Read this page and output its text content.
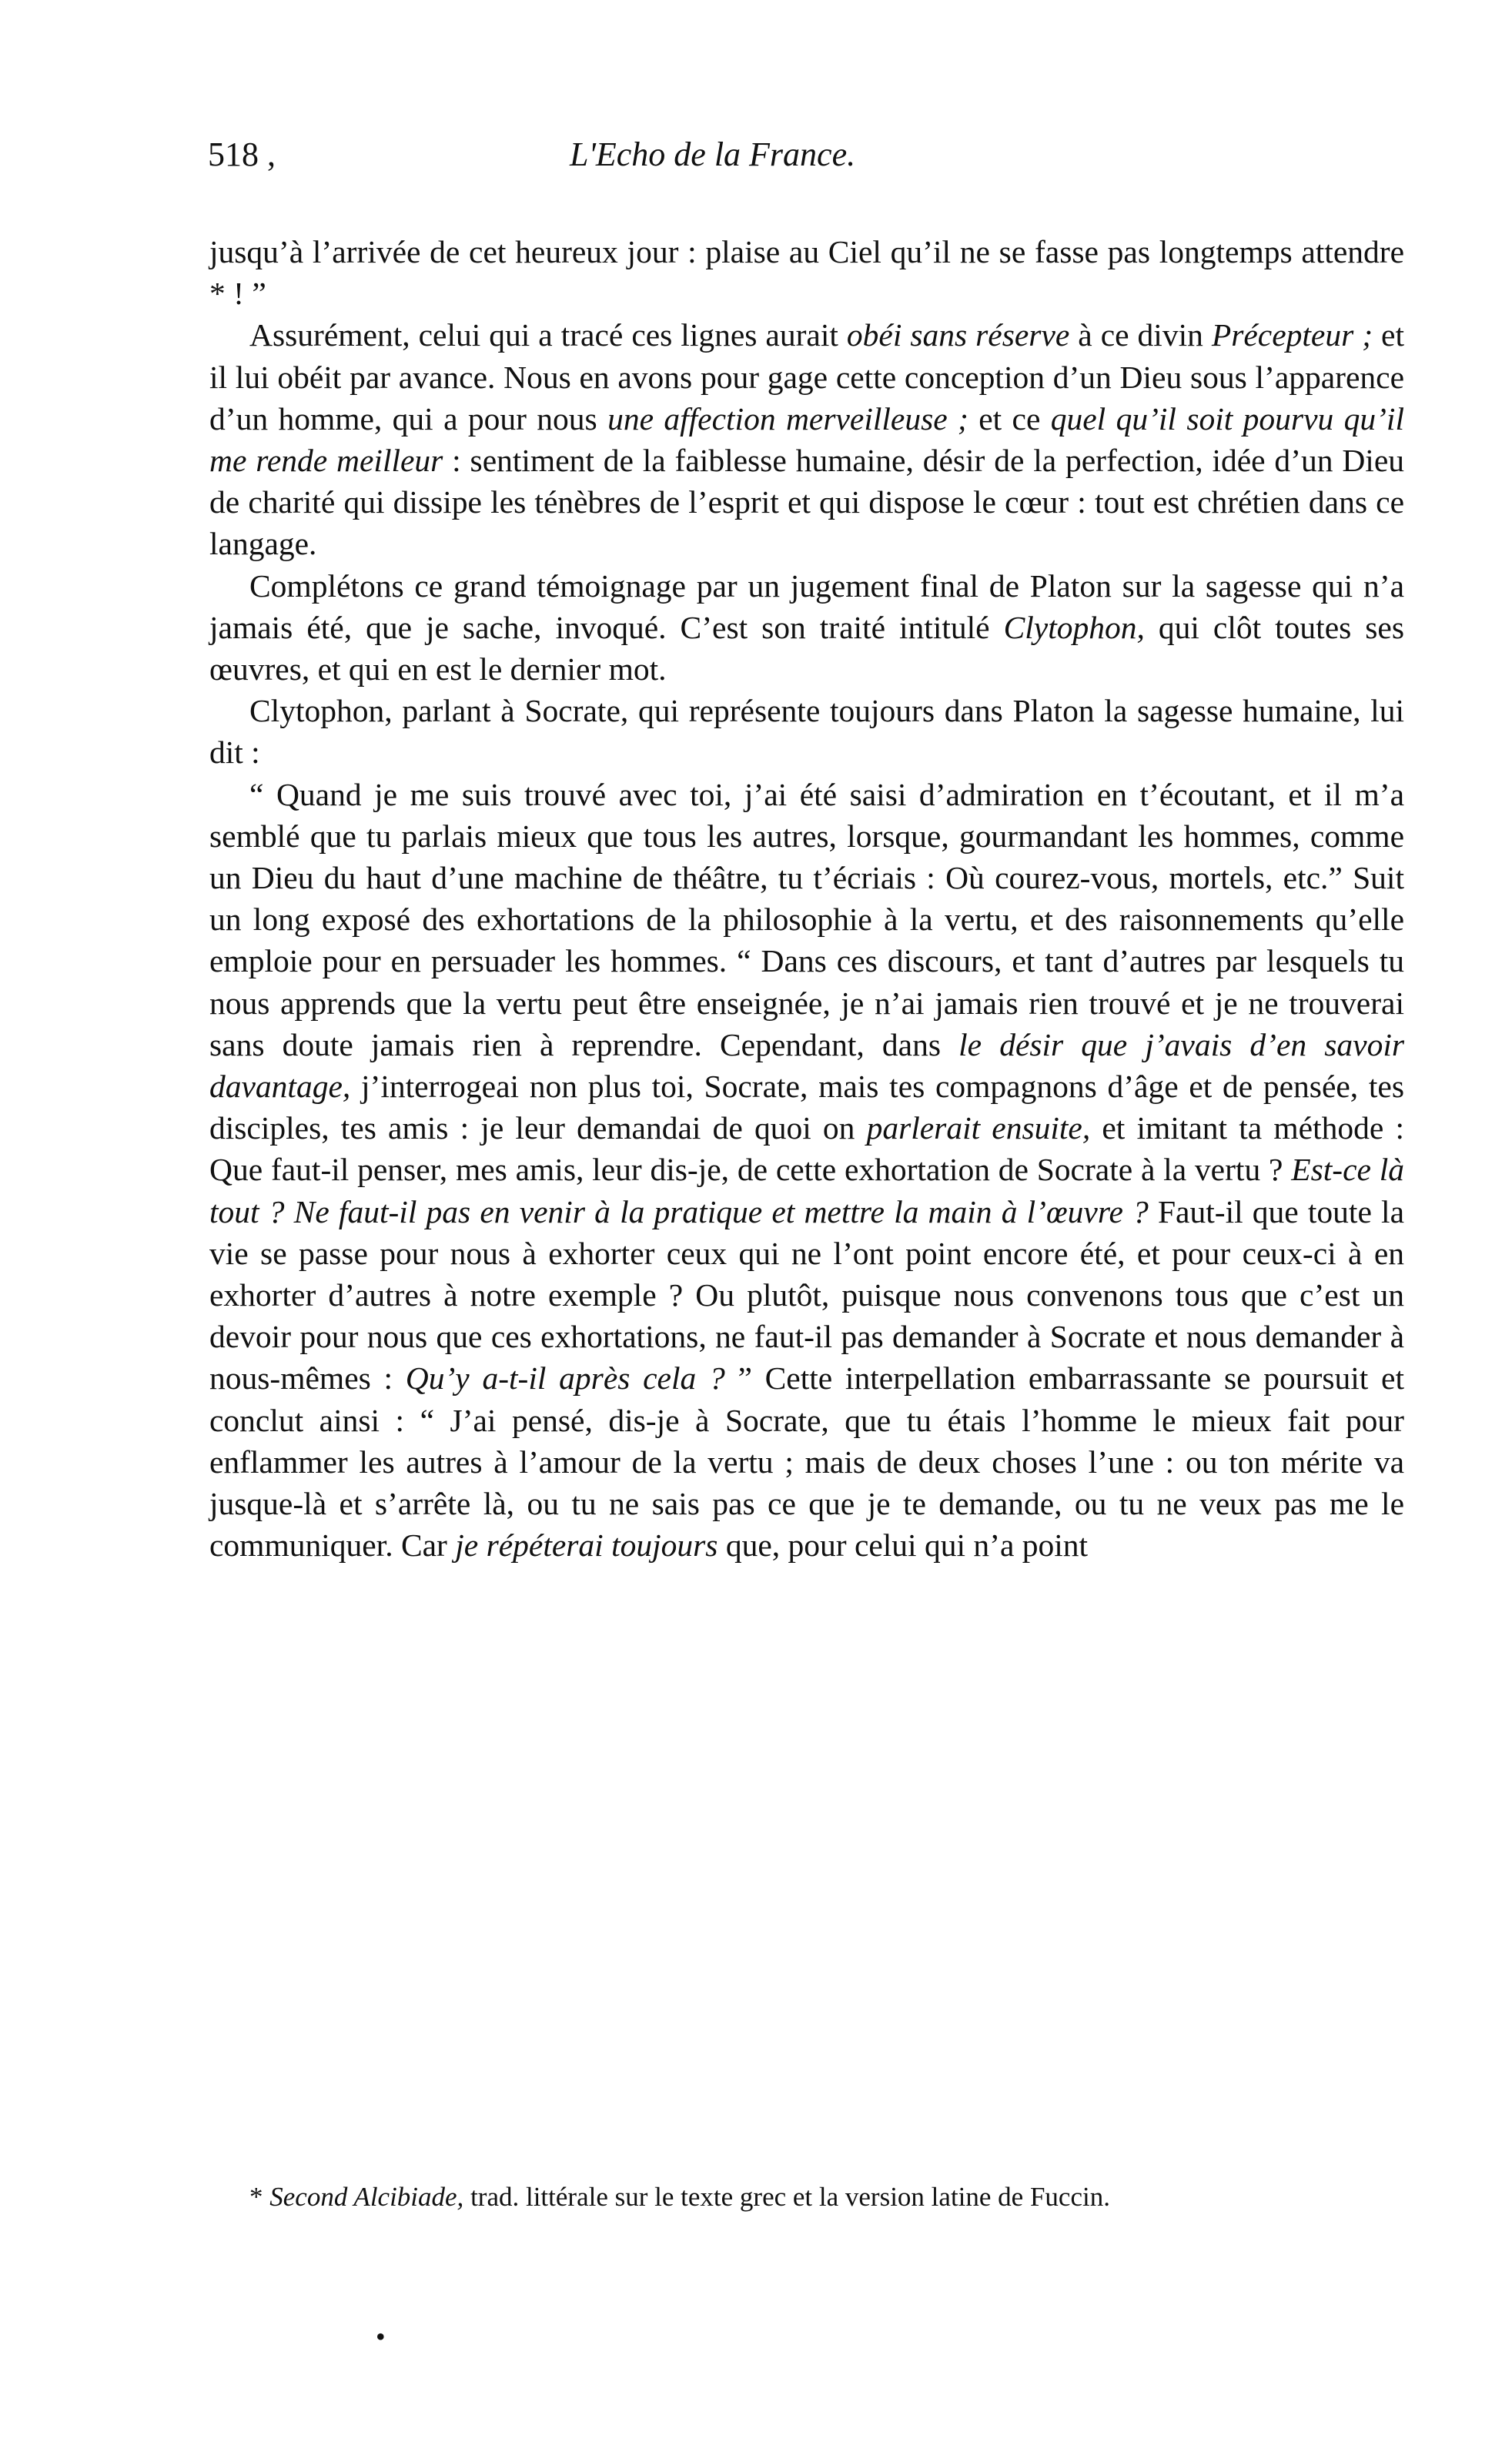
518 ,	L'Echo de la France.

jusqu’à l’arrivée de cet heureux jour : plaise au Ciel qu’il ne se fasse pas longtemps attendre * ! ”

Assurément, celui qui a tracé ces lignes aurait obéi sans réserve à ce divin Précepteur ; et il lui obéit par avance. Nous en avons pour gage cette conception d’un Dieu sous l’apparence d’un homme, qui a pour nous une affection merveilleuse ; et ce quel qu’il soit pourvu qu’il me rende meilleur : sentiment de la faiblesse humaine, désir de la perfection, idée d’un Dieu de charité qui dissipe les ténèbres de l’esprit et qui dispose le cœur : tout est chrétien dans ce langage.

Complétons ce grand témoignage par un jugement final de Platon sur la sagesse qui n’a jamais été, que je sache, invoqué. C’est son traité intitulé Clytophon, qui clôt toutes ses œuvres, et qui en est le dernier mot.

Clytophon, parlant à Socrate, qui représente toujours dans Platon la sagesse humaine, lui dit :

“ Quand je me suis trouvé avec toi, j’ai été saisi d’admiration en t’écoutant, et il m’a semblé que tu parlais mieux que tous les autres, lorsque, gourmandant les hommes, comme un Dieu du haut d’une machine de théâtre, tu t’écriais : Où courez-vous, mortels, etc.” Suit un long exposé des exhortations de la philosophie à la vertu, et des raisonnements qu’elle emploie pour en persuader les hommes. “ Dans ces discours, et tant d’autres par lesquels tu nous apprends que la vertu peut être enseignée, je n’ai jamais rien trouvé et je ne trouverai sans doute jamais rien à reprendre. Cependant, dans le désir que j’avais d’en savoir davantage, j’interrogeai non plus toi, Socrate, mais tes compagnons d’âge et de pensée, tes disciples, tes amis : je leur demandai de quoi on parlerait ensuite, et imitant ta méthode : Que faut-il penser, mes amis, leur dis-je, de cette exhortation de Socrate à la vertu ? Est-ce là tout ? Ne faut-il pas en venir à la pratique et mettre la main à l’œuvre ? Faut-il que toute la vie se passe pour nous à exhorter ceux qui ne l’ont point encore été, et pour ceux-ci à en exhorter d’autres à notre exemple ? Ou plutôt, puisque nous convenons tous que c’est un devoir pour nous que ces exhortations, ne faut-il pas demander à Socrate et nous demander à nous-mêmes : Qu’y a-t-il après cela ? ” Cette interpellation embarrassante se poursuit et conclut ainsi : “ J’ai pensé, dis-je à Socrate, que tu étais l’homme le mieux fait pour enflammer les autres à l’amour de la vertu ; mais de deux choses l’une : ou ton mérite va jusque-là et s’arrête là, ou tu ne sais pas ce que je te demande, ou tu ne veux pas me le communiquer. Car je répéterai toujours que, pour celui qui n’a point

* Second Alcibiade, trad. littérale sur le texte grec et la version latine de Fuccin.
•
